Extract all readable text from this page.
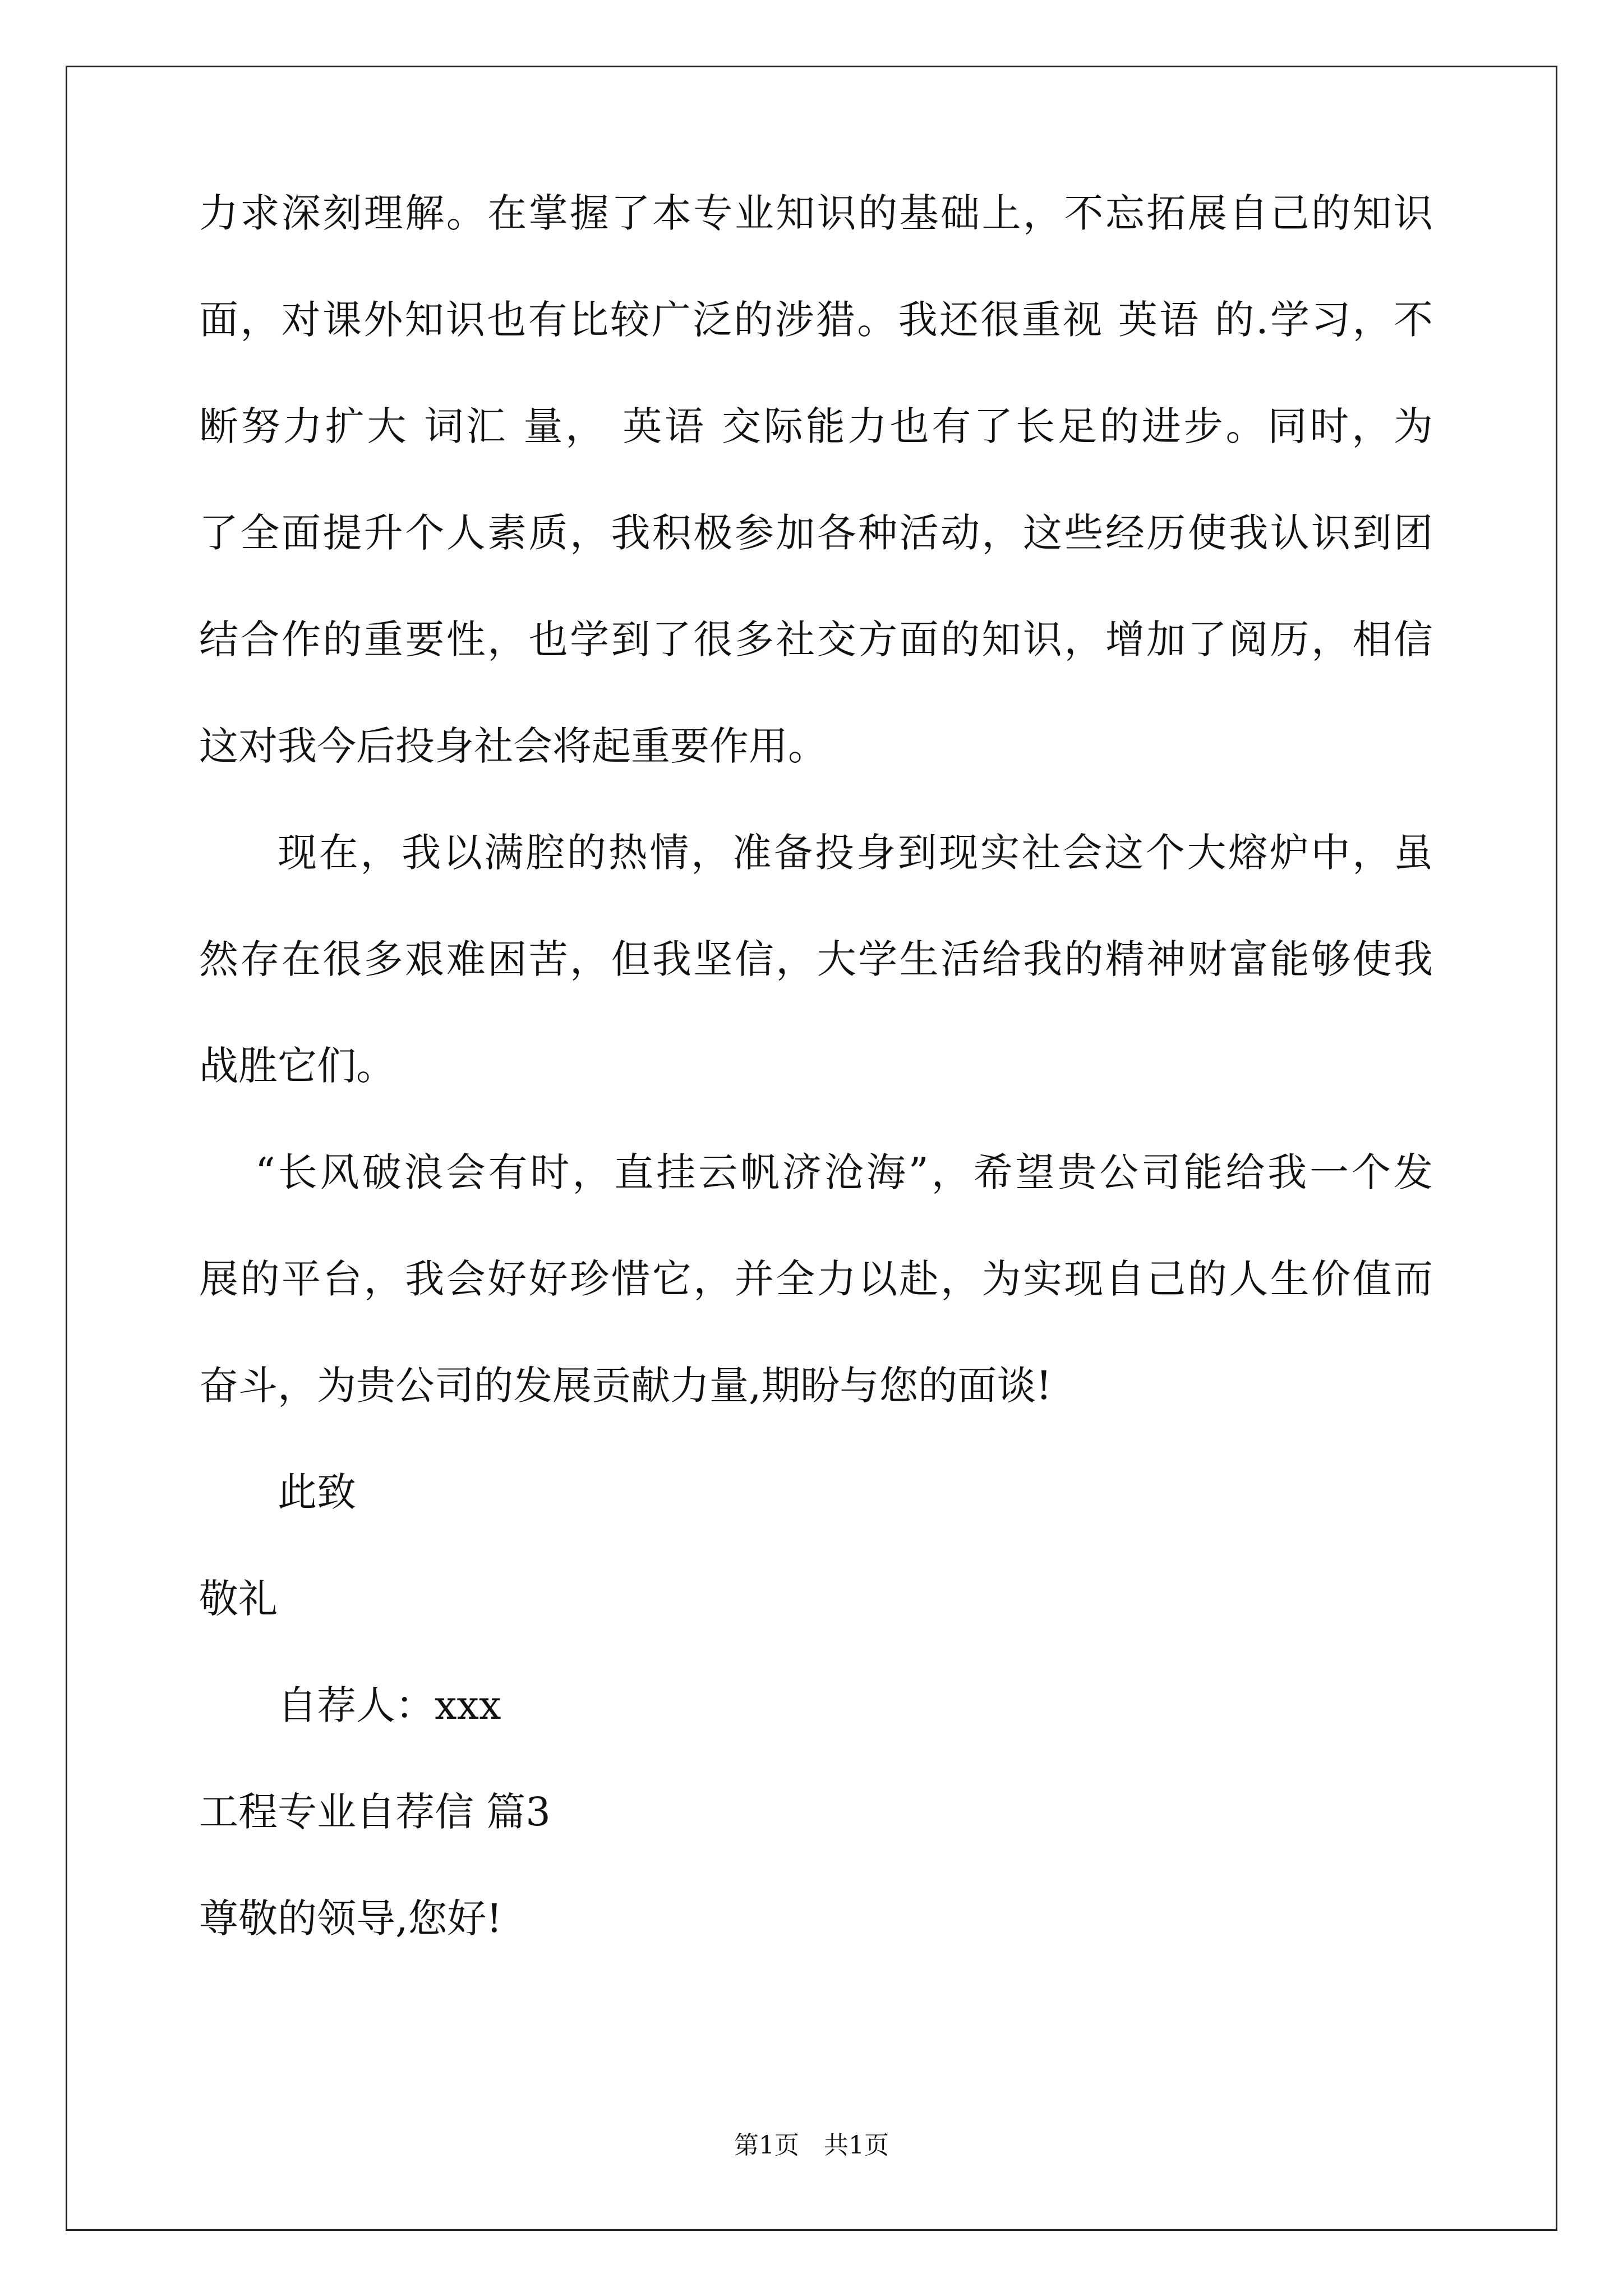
力求深刻理解。在掌握了本专业知识的基础上，不忘拓展自己的知识
面，对课外知识也有比较广泛的涉猎。我还很重视 英语 的.学习，不
断努力扩大 词汇 量， 英语 交际能力也有了长足的进步。同时，为
了全面提升个人素质，我积极参加各种活动，这些经历使我认识到团
结合作的重要性，也学到了很多社交方面的知识，增加了阅历，相信
这对我今后投身社会将起重要作用。
现在，我以满腔的热情，准备投身到现实社会这个大熔炉中，虽
然存在很多艰难困苦，但我坚信，大学生活给我的精神财富能够使我
战胜它们。
“长风破浪会有时，直挂云帆济沧海”，希望贵公司能给我一个发
展的平台，我会好好珍惜它，并全力以赴，为实现自己的人生价值而
奋斗，为贵公司的发展贡献力量,期盼与您的面谈!
此致
敬礼
自荐人：xxx
工程专业自荐信 篇3
尊敬的领导,您好!
第1页　共1页
